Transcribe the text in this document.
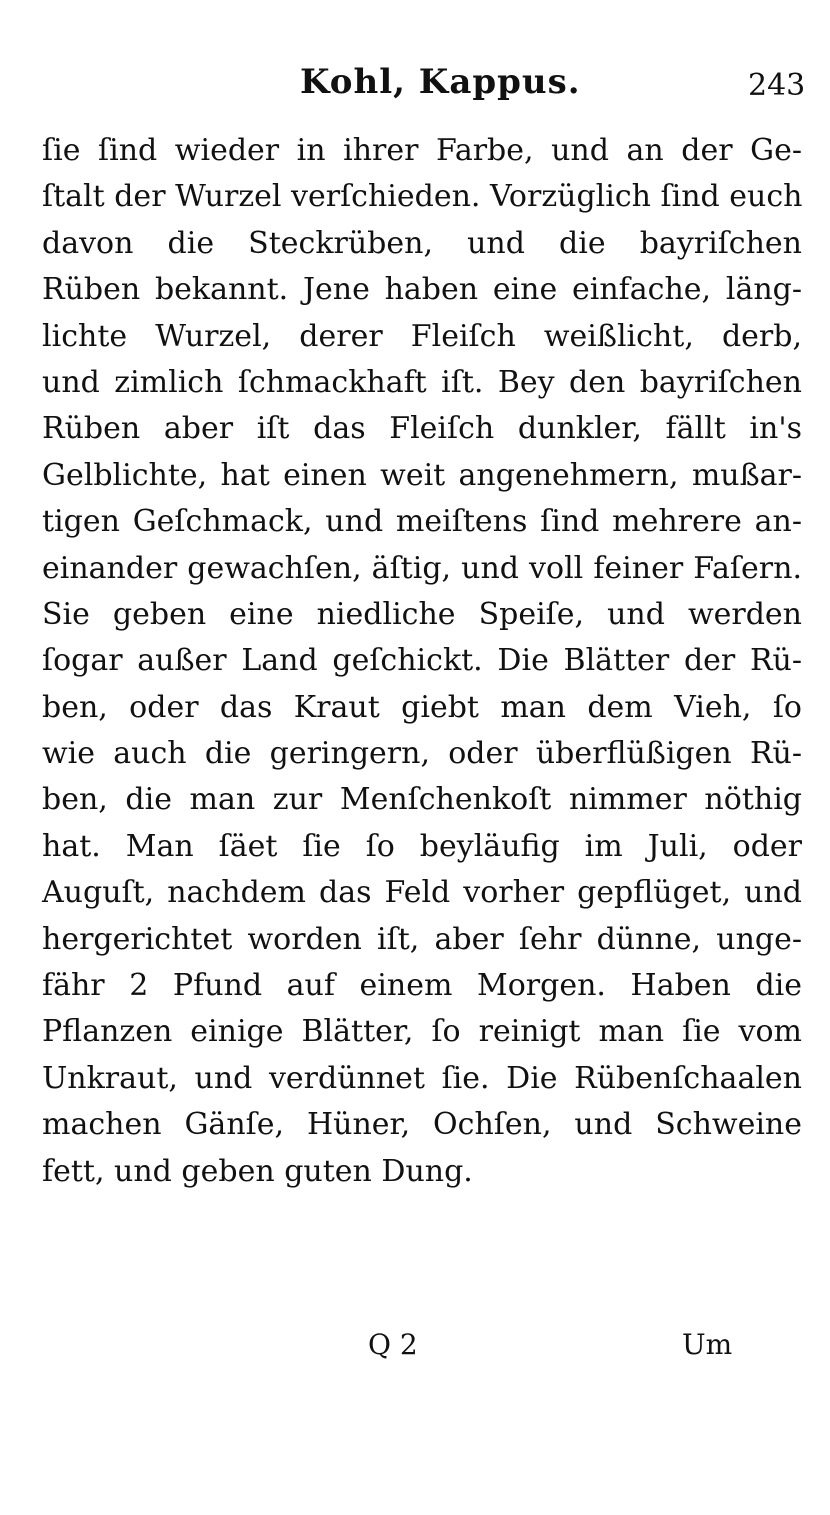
Kohl, Kappus.	243
ſie ſind wieder in ihrer Farbe, und an der Ge-
ſtalt der Wurzel verſchieden. Vorzüglich ſind euch
davon die Steckrüben, und die bayriſchen
Rüben bekannt. Jene haben eine einfache, läng-
lichte Wurzel, derer Fleiſch weißlicht, derb,
und zimlich ſchmackhaft iſt. Bey den bayriſchen
Rüben aber iſt das Fleiſch dunkler, fällt in's
Gelblichte, hat einen weit angenehmern, mußar-
tigen Geſchmack, und meiſtens ſind mehrere an-
einander gewachſen, äſtig, und voll feiner Faſern.
Sie geben eine niedliche Speiſe, und werden
ſogar außer Land geſchickt. Die Blätter der Rü-
ben, oder das Kraut giebt man dem Vieh, ſo
wie auch die geringern, oder überflüßigen Rü-
ben, die man zur Menſchenkoſt nimmer nöthig
hat. Man ſäet ſie ſo beyläufig im Juli, oder
Auguſt, nachdem das Feld vorher gepflüget, und
hergerichtet worden iſt, aber ſehr dünne, unge-
fähr 2 Pfund auf einem Morgen. Haben die
Pflanzen einige Blätter, ſo reinigt man ſie vom
Unkraut, und verdünnet ſie. Die Rübenſchaalen
machen Gänſe, Hüner, Ochſen, und Schweine
fett, und geben guten Dung.
Q 2	Um
